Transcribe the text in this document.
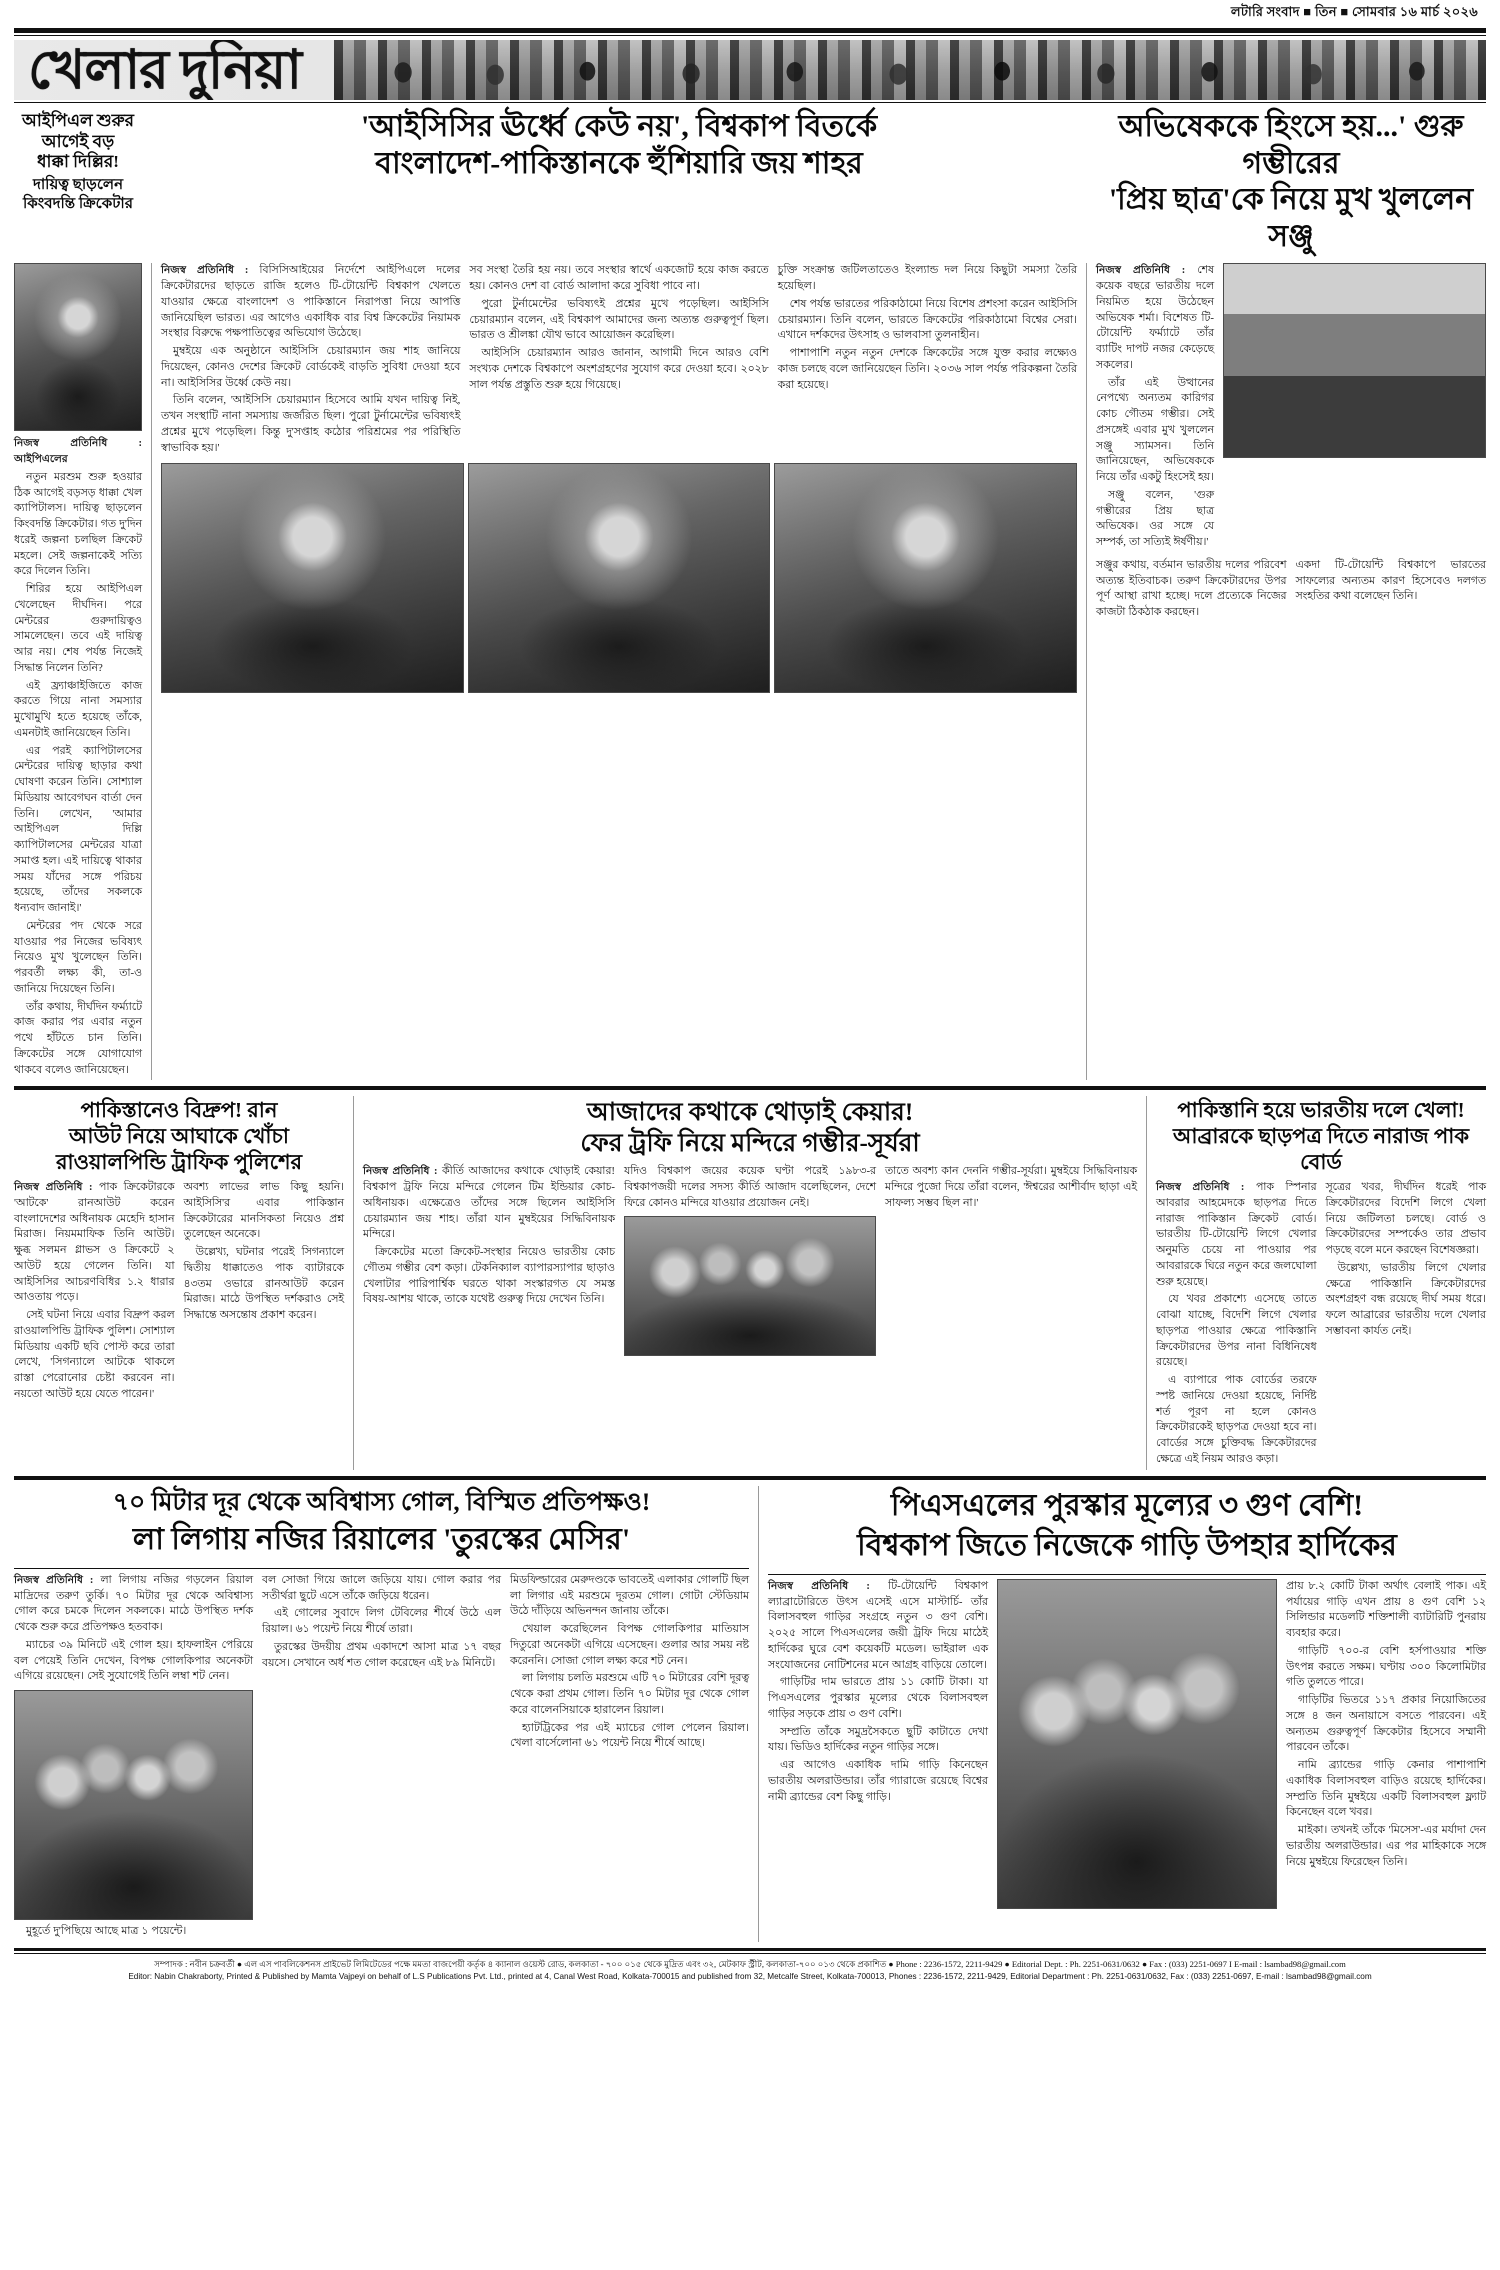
লটারি সংবাদ ■ তিন ■ সোমবার ১৬ মার্চ ২০২৬
খেলার দুনিয়া
আইপিএল শুরুর
আগেই বড়
ধাক্কা দিল্লির!
দায়িত্ব ছাড়লেন
কিংবদন্তি ক্রিকেটার
'আইসিসির ঊর্ধ্বে কেউ নয়', বিশ্বকাপ বিতর্কে
বাংলাদেশ-পাকিস্তানকে হুঁশিয়ারি জয় শাহর
অভিষেককে হিংসে হয়...' গুরু গম্ভীরের
'প্রিয় ছাত্র'কে নিয়ে মুখ খুললেন সঞ্জু

নিজস্ব প্রতিনিধি : আইপিএলের

নতুন মরশুম শুরু হওয়ার ঠিক আগেই বড়সড় ধাক্কা খেল ক্যাপিটালস। দায়িত্ব ছাড়লেন কিংবদন্তি ক্রিকেটার। গত দু'দিন ধরেই জল্পনা চলছিল ক্রিকেট মহলে। সেই জল্পনাকেই সত্যি করে দিলেন তিনি।

শিরির হয়ে আইপিএল খেলেছেন দীর্ঘদিন। পরে মেন্টরের গুরুদায়িত্বও সামলেছেন। তবে এই দায়িত্ব আর নয়। শেষ পর্যন্ত নিজেই সিদ্ধান্ত নিলেন তিনি?

এই ফ্র্যাঞ্চাইজিতে কাজ করতে গিয়ে নানা সমস্যার মুখোমুখি হতে হয়েছে তাঁকে, এমনটাই জানিয়েছেন তিনি।

এর পরই ক্যাপিটালসের মেন্টরের দায়িত্ব ছাড়ার কথা ঘোষণা করেন তিনি। সোশ্যাল মিডিয়ায় আবেগঘন বার্তা দেন তিনি। লেখেন, 'আমার আইপিএল দিল্লি ক্যাপিটালসের মেন্টরের যাত্রা সমাপ্ত হল। এই দায়িত্বে থাকার সময় যাঁদের সঙ্গে পরিচয় হয়েছে, তাঁদের সকলকে ধন্যবাদ জানাই।'

মেন্টরের পদ থেকে সরে যাওয়ার পর নিজের ভবিষ্যৎ নিয়েও মুখ খুলেছেন তিনি। পরবর্তী লক্ষ্য কী, তা-ও জানিয়ে দিয়েছেন তিনি।

তাঁর কথায়, দীর্ঘদিন ফর্ম্যাটে কাজ করার পর এবার নতুন পথে হাঁটতে চান তিনি। ক্রিকেটের সঙ্গে যোগাযোগ থাকবে বলেও জানিয়েছেন।

নিজস্ব প্রতিনিধি : বিসিসিআইয়ের নির্দেশে আইপিএলে দলের ক্রিকেটারদের ছাড়তে রাজি হলেও টি-টোয়েন্টি বিশ্বকাপ খেলতে যাওয়ার ক্ষেত্রে বাংলাদেশ ও পাকিস্তানে নিরাপত্তা নিয়ে আপত্তি জানিয়েছিল ভারত। এর আগেও একাধিক বার বিশ্ব ক্রিকেটের নিয়ামক সংস্থার বিরুদ্ধে পক্ষপাতিত্বের অভিযোগ উঠেছে।

মুম্বইয়ে এক অনুষ্ঠানে আইসিসি চেয়ারম্যান জয় শাহ জানিয়ে দিয়েছেন, কোনও দেশের ক্রিকেট বোর্ডকেই বাড়তি সুবিধা দেওয়া হবে না। আইসিসির উর্ধ্বে কেউ নয়।

তিনি বলেন, 'আইসিসি চেয়ারম্যান হিসেবে আমি যখন দায়িত্ব নিই, তখন সংস্থাটি নানা সমস্যায় জর্জরিত ছিল। পুরো টুর্নামেন্টের ভবিষ্যৎই প্রশ্নের মুখে পড়েছিল। কিন্তু দু'সপ্তাহ কঠোর পরিশ্রমের পর পরিস্থিতি স্বাভাবিক হয়।'

সব সংস্থা তৈরি হয় নয়। তবে সংস্থার স্বার্থে একজোট হয়ে কাজ করতে হয়। কোনও দেশ বা বোর্ড আলাদা করে সুবিধা পাবে না।

পুরো টুর্নামেন্টের ভবিষ্যৎই প্রশ্নের মুখে পড়েছিল। আইসিসি চেয়ারম্যান বলেন, এই বিশ্বকাপ আমাদের জন্য অত্যন্ত গুরুত্বপূর্ণ ছিল। ভারত ও শ্রীলঙ্কা যৌথ ভাবে আয়োজন করেছিল।

আইসিসি চেয়ারম্যান আরও জানান, আগামী দিনে আরও বেশি সংখ্যক দেশকে বিশ্বকাপে অংশগ্রহণের সুযোগ করে দেওয়া হবে। ২০২৮ সাল পর্যন্ত প্রস্তুতি শুরু হয়ে গিয়েছে।

চুক্তি সংক্রান্ত জটিলতাতেও ইংল্যান্ড দল নিয়ে কিছুটা সমস্যা তৈরি হয়েছিল।

শেষ পর্যন্ত ভারতের পরিকাঠামো নিয়ে বিশেষ প্রশংসা করেন আইসিসি চেয়ারম্যান। তিনি বলেন, ভারতে ক্রিকেটের পরিকাঠামো বিশ্বের সেরা। এখানে দর্শকদের উৎসাহ ও ভালবাসা তুলনাহীন।

পাশাপাশি নতুন নতুন দেশকে ক্রিকেটের সঙ্গে যুক্ত করার লক্ষ্যেও কাজ চলছে বলে জানিয়েছেন তিনি। ২০৩৬ সাল পর্যন্ত পরিকল্পনা তৈরি করা হয়েছে।

নিজস্ব প্রতিনিধি : শেষ কয়েক বছরে ভারতীয় দলে নিয়মিত হয়ে উঠেছেন অভিষেক শর্মা। বিশেষত টি-টোয়েন্টি ফর্ম্যাটে তাঁর ব্যাটিং দাপট নজর কেড়েছে সকলের।

তাঁর এই উত্থানের নেপথ্যে অন্যতম কারিগর কোচ গৌতম গম্ভীর। সেই প্রসঙ্গেই এবার মুখ খুললেন সঞ্জু স্যামসন। তিনি জানিয়েছেন, অভিষেককে নিয়ে তাঁর একটু হিংসেই হয়।

সঞ্জু বলেন, 'গুরু গম্ভীরের প্রিয় ছাত্র অভিষেক। ওর সঙ্গে যে সম্পর্ক, তা সত্যিই ঈর্ষণীয়।'

সঞ্জুর কথায়, বর্তমান ভারতীয় দলের পরিবেশ অত্যন্ত ইতিবাচক। তরুণ ক্রিকেটারদের উপর পূর্ণ আস্থা রাখা হচ্ছে। দলে প্রত্যেকে নিজের কাজটা ঠিকঠাক করছেন।

একদা টি-টোয়েন্টি বিশ্বকাপে ভারতের সাফল্যের অন্যতম কারণ হিসেবেও দলগত সংহতির কথা বলেছেন তিনি।

পাকিস্তানেও বিদ্রুপ! রান
আউট নিয়ে আঘাকে খোঁচা
রাওয়ালপিন্ডি ট্রাফিক পুলিশের

নিজস্ব প্রতিনিধি : পাক ক্রিকেটারকে 'আটকে' রানআউট করেন বাংলাদেশের অধিনায়ক মেহেদি হাসান মিরাজ। নিয়মমাফিক তিনি আউট। ক্ষুব্ধ সলমন গ্লাভস ও ক্রিকেটে ২ আউট হয়ে গেলেন তিনি। যা আইসিসির আচরণবিধির ১.২ ধারার আওতায় পড়ে।

সেই ঘটনা নিয়ে এবার বিদ্রুপ করল রাওয়ালপিন্ডি ট্রাফিক পুলিশ। সোশ্যাল মিডিয়ায় একটি ছবি পোস্ট করে তারা লেখে, 'সিগন্যালে আটকে থাকলে রাস্তা পেরোনোর চেষ্টা করবেন না। নয়তো আউট হয়ে যেতে পারেন।'

অবশ্য লাভের লাভ কিছু হয়নি। আইসিসি'র এবার পাকিস্তান ক্রিকেটারের মানসিকতা নিয়েও প্রশ্ন তুলেছেন অনেকে।

উল্লেখ্য, ঘটনার পরেই সিগন্যালে দ্বিতীয় ধাক্কাতেও পাক ব্যাটারকে ৪৩তম ওভারে রানআউট করেন মিরাজ। মাঠে উপস্থিত দর্শকরাও সেই সিদ্ধান্তে অসন্তোষ প্রকাশ করেন।

আজাদের কথাকে থোড়াই কেয়ার!
ফের ট্রফি নিয়ে মন্দিরে গম্ভীর-সূর্যরা

নিজস্ব প্রতিনিধি : কীর্তি আজাদের কথাকে থোড়াই কেয়ার! বিশ্বকাপ ট্রফি নিয়ে মন্দিরে গেলেন টিম ইন্ডিয়ার কোচ-অধিনায়ক। এক্ষেত্রেও তাঁদের সঙ্গে ছিলেন আইসিসি চেয়ারম্যান জয় শাহ। তাঁরা যান মুম্বইয়ের সিদ্ধিবিনায়ক মন্দিরে।

ক্রিকেটের মতো ক্রিকেট-সংস্থার নিয়েও ভারতীয় কোচ গৌতম গম্ভীর বেশ কড়া। টেকনিক্যাল ব্যাপারস্যাপার ছাড়াও খেলাটার পারিপার্শ্বিক ঘরতে থাকা সংস্কারগত যে সমস্ত বিষয়-আশয় থাকে, তাকে যথেষ্ট গুরুত্ব দিয়ে দেখেন তিনি।

যদিও বিশ্বকাপ জয়ের কয়েক ঘণ্টা পরেই ১৯৮৩-র বিশ্বকাপজয়ী দলের সদস্য কীর্তি আজাদ বলেছিলেন, দেশে ফিরে কোনও মন্দিরে যাওয়ার প্রয়োজন নেই।

তাতে অবশ্য কান দেননি গম্ভীর-সূর্যরা। মুম্বইয়ে সিদ্ধিবিনায়ক মন্দিরে পুজো দিয়ে তাঁরা বলেন, 'ঈশ্বরের আশীর্বাদ ছাড়া এই সাফল্য সম্ভব ছিল না।'

পাকিস্তানি হয়ে ভারতীয় দলে খেলা!
আব্রারকে ছাড়পত্র দিতে নারাজ পাক বোর্ড

নিজস্ব প্রতিনিধি : পাক স্পিনার আবরার আহমেদকে ছাড়পত্র দিতে নারাজ পাকিস্তান ক্রিকেট বোর্ড। ভারতীয় টি-টোয়েন্টি লিগে খেলার অনুমতি চেয়ে না পাওয়ার পর আবরারকে ঘিরে নতুন করে জলঘোলা শুরু হয়েছে।

যে খবর প্রকাশ্যে এসেছে তাতে বোঝা যাচ্ছে, বিদেশি লিগে খেলার ছাড়পত্র পাওয়ার ক্ষেত্রে পাকিস্তানি ক্রিকেটারদের উপর নানা বিধিনিষেধ রয়েছে।

এ ব্যাপারে পাক বোর্ডের তরফে স্পষ্ট জানিয়ে দেওয়া হয়েছে, নির্দিষ্ট শর্ত পূরণ না হলে কোনও ক্রিকেটারকেই ছাড়পত্র দেওয়া হবে না। বোর্ডের সঙ্গে চুক্তিবদ্ধ ক্রিকেটারদের ক্ষেত্রে এই নিয়ম আরও কড়া।

সূত্রের খবর, দীর্ঘদিন ধরেই পাক ক্রিকেটারদের বিদেশি লিগে খেলা নিয়ে জটিলতা চলছে। বোর্ড ও ক্রিকেটারদের সম্পর্কেও তার প্রভাব পড়ছে বলে মনে করছেন বিশেষজ্ঞরা।

উল্লেখ্য, ভারতীয় লিগে খেলার ক্ষেত্রে পাকিস্তানি ক্রিকেটারদের অংশগ্রহণ বন্ধ রয়েছে দীর্ঘ সময় ধরে। ফলে আব্রারের ভারতীয় দলে খেলার সম্ভাবনা কার্যত নেই।

৭০ মিটার দূর থেকে অবিশ্বাস্য গোল, বিস্মিত প্রতিপক্ষও!
লা লিগায় নজির রিয়ালের 'তুরস্কের মেসির'

নিজস্ব প্রতিনিধি : লা লিগায় নজির গড়লেন রিয়াল মাদ্রিদের তরুণ তুর্কি। ৭০ মিটার দূর থেকে অবিশ্বাস্য গোল করে চমকে দিলেন সকলকে। মাঠে উপস্থিত দর্শক থেকে শুরু করে প্রতিপক্ষও হতবাক।

ম্যাচের ৩৯ মিনিটে এই গোল হয়। হাফলাইন পেরিয়ে বল পেয়েই তিনি দেখেন, বিপক্ষ গোলকিপার অনেকটা এগিয়ে রয়েছেন। সেই সুযোগেই তিনি লম্বা শট নেন।

মুহূর্তে দু'পিছিয়ে আছে মাত্র ১ পয়েন্টে।

বল সোজা গিয়ে জালে জড়িয়ে যায়। গোল করার পর সতীর্থরা ছুটে এসে তাঁকে জড়িয়ে ধরেন।

এই গোলের সুবাদে লিগ টেবিলের শীর্ষে উঠে এল রিয়াল। ৬১ পয়েন্ট নিয়ে শীর্ষে তারা।

তুরস্কের উদয়ীয় প্রথম একাদশে আসা মাত্র ১৭ বছর বয়সে। সেখানে অর্ধ শত গোল করেছেন এই ৮৯ মিনিটে।

মিডফিল্ডারের মেরুদণ্ডকে ভাবতেই এলাকার গোলটি ছিল লা লিগার এই মরশুমে দূরতম গোল। গোটা স্টেডিয়াম উঠে দাঁড়িয়ে অভিনন্দন জানায় তাঁকে।

খেয়াল করেছিলেন বিপক্ষ গোলকিপার মাতিয়াস দিতুরো অনেকটা এগিয়ে এসেছেন। গুলার আর সময় নষ্ট করেননি। সোজা গোল লক্ষ্য করে শট নেন।

লা লিগায় চলতি মরশুমে এটি ৭০ মিটারের বেশি দূরত্ব থেকে করা প্রথম গোল। তিনি ৭০ মিটার দূর থেকে গোল করে বালেনসিয়াকে হারালেন রিয়াল।

হ্যাটট্রিকের পর এই ম্যাচের গোল পেলেন রিয়াল। খেলা বার্সেলোনা ৬১ পয়েন্ট নিয়ে শীর্ষে আছে।

পিএসএলের পুরস্কার মূল্যের ৩ গুণ বেশি!
বিশ্বকাপ জিতে নিজেকে গাড়ি উপহার হার্দিকের

নিজস্ব প্রতিনিধি : টি-টোয়েন্টি বিশ্বকাপ ল্যাব্রাটোরিতে উৎস এসেই এসে মাস্টার্চি- তাঁর বিলাসবহুল গাড়ির সংগ্রহে নতুন ৩ গুণ বেশি। ২০২৫ সালে পিএসএলের জয়ী ট্রফি দিয়ে মাঠেই হার্দিকের ঘুরে বেশ কয়েকটি মডেল। ভাইরাল এক সংযোজনের নোটিশনের মনে আগ্রহ বাড়িয়ে তোলে।

গাড়িটির দাম ভারতে প্রায় ১১ কোটি টাকা। যা পিএসএলের পুরস্কার মূল্যের থেকে বিলাসবহুল গাড়ির সড়কে প্রায় ৩ গুণ বেশি।

সম্প্রতি তাঁকে সমুদ্রসৈকতে ছুটি কাটাতে দেখা যায়। ভিডিও হার্দিকের নতুন গাড়ির সঙ্গে।

এর আগেও একাধিক দামি গাড়ি কিনেছেন ভারতীয় অলরাউন্ডার। তাঁর গ্যারাজে রয়েছে বিশ্বের নামী ব্র্যান্ডের বেশ কিছু গাড়ি।

প্রায় ৮.২ কোটি টাকা অর্থাৎ বেলাই পাক। এই পর্যায়ের গাড়ি এখন প্রায় ৪ গুণ বেশি ১২ সিলিন্ডার মডেলটি শক্তিশালী ব্যাটারিটি পুনরায় ব্যবহার করে।

গাড়িটি ৭০০-র বেশি হর্সপাওয়ার শক্তি উৎপন্ন করতে সক্ষম। ঘণ্টায় ৩০০ কিলোমিটার গতি তুলতে পারে।

গাড়িটির ভিতরে ১১৭ প্রকার নিয়োজিতের সঙ্গে ৪ জন অনায়াসে বসতে পারবেন। এই অন্যতম গুরুত্বপূর্ণ ক্রিকেটার হিসেবে সম্মানী পারবেন তাঁকে।

নামি ব্র্যান্ডের গাড়ি কেনার পাশাপাশি একাধিক বিলাসবহুল বাড়িও রয়েছে হার্দিকের। সম্প্রতি তিনি মুম্বইয়ে একটি বিলাসবহুল ফ্ল্যাট কিনেছেন বলে খবর।

মাইকা। তখনই তাঁকে 'মিসেস'-এর মর্যাদা দেন ভারতীয় অলরাউন্ডার। এর পর মাহিকাকে সঙ্গে নিয়ে মুম্বইয়ে ফিরেছেন তিনি।

সম্পাদক : নবীন চক্রবর্তী ● এল এস পাবলিকেশনস প্রাইভেট লিমিটেডের পক্ষে মমতা বাজপেয়ী কর্তৃক ৪ ক্যানাল ওয়েস্ট রোড, কলকাতা - ৭০০ ০১৫ থেকে মুদ্রিত এবং ৩২, মেটকাফ স্ট্রীট, কলকাতা-৭০০ ০১৩ থেকে প্রকাশিত ● Phone : 2236-1572, 2211-9429 ● Editorial Dept. : Ph. 2251-0631/0632 ● Fax : (033) 2251-0697 I E-mail : lsambad98@gmail.com
Editor: Nabin Chakraborty, Printed & Published by Mamta Vajpeyi on behalf of L.S Publications Pvt. Ltd., printed at 4, Canal West Road, Kolkata-700015 and published from 32, Metcalfe Street, Kolkata-700013, Phones : 2236-1572, 2211-9429, Editorial Department : Ph. 2251-0631/0632, Fax : (033) 2251-0697, E-mail : lsambad98@gmail.com
